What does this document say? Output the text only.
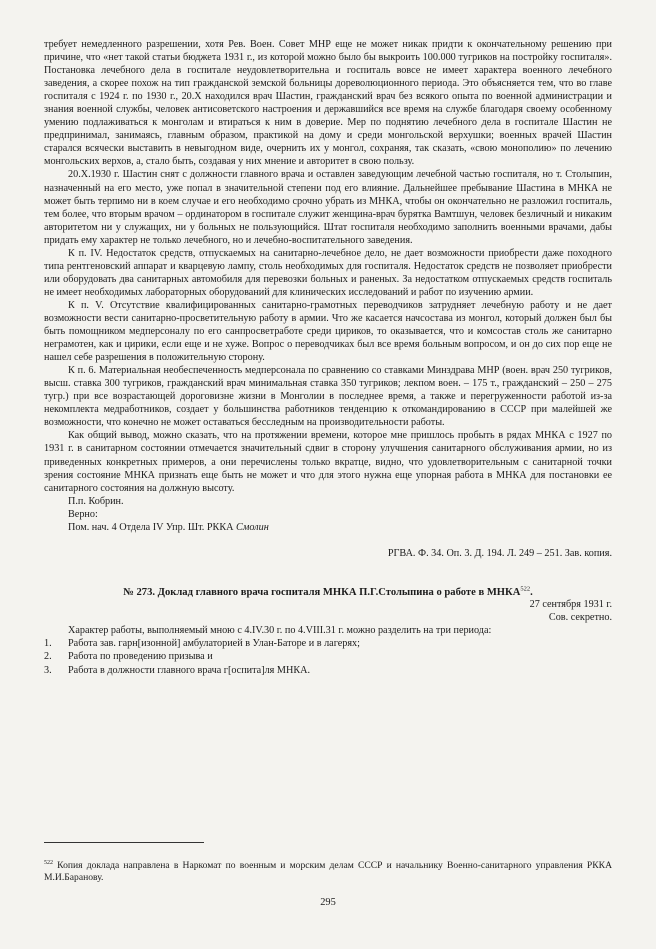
требует немедленного разрешении, хотя Рев. Воен. Совет МНР еще не может никак придти к окончательному решению при причине, что «нет такой статьи бюджета 1931 г., из которой можно было бы выкроить 100.000 тугриков на постройку госпиталя». Постановка лечебного дела в госпитале неудовлетворительна и госпиталь вовсе не имеет характера военного лечебного заведения, а скорее похож на тип гражданской земской больницы дореволюционного периода. Это объясняется тем, что во главе госпиталя с 1924 г. по 1930 г., 20.X находился врач Шастин, гражданский врач без всякого опыта по военной администрации и знания военной службы, человек антисоветского настроения и державшийся все время на службе благодаря своему особенному умению подлаживаться к монголам и втираться к ним в доверие. Мер по поднятию лечебного дела в госпитале Шастин не предпринимал, занимаясь, главным образом, практикой на дому и среди монгольской верхушки; военных врачей Шастин старался всячески выставить в невыгодном виде, очернить их у монгол, сохраняя, так сказать, «свою монополию» по лечению монгольских верхов, а, стало быть, создавая у них мнение и авторитет в свою пользу.

20.X.1930 г. Шастин снят с должности главного врача и оставлен заведующим лечебной частью госпиталя, но т. Столыпин, назначенный на его место, уже попал в значительной степени под его влияние. Дальнейшее пребывание Шастина в МНКА не может быть терпимо ни в коем случае и его необходимо срочно убрать из МНКА, чтобы он окончательно не разложил госпиталь, тем более, что вторым врачом – ординатором в госпитале служит женщина-врач бурятка Вамтшун, человек безличный и никаким авторитетом ни у служащих, ни у больных не пользующийся. Штат госпиталя необходимо заполнить военными врачами, дабы придать ему характер не только лечебного, но и лечебно-воспитательного заведения.

К п. IV. Недостаток средств, отпускаемых на санитарно-лечебное дело, не дает возможности приобрести даже походного типа рентгеновский аппарат и кварцевую лампу, столь необходимых для госпиталя. Недостаток средств не позволяет приобрести или оборудовать два санитарных автомобиля для перевозки больных и раненых. За недостатком отпускаемых средств госпиталь не имеет необходимых лабораторных оборудований для клинических исследований и работ по изучению армии.

К п. V. Отсутствие квалифицированных санитарно-грамотных переводчиков затрудняет лечебную работу и не дает возможности вести санитарно-просветительную работу в армии. Что же касается начсостава из монгол, который должен был бы быть помощником медперсоналу по его санпросветработе среди цириков, то оказывается, что и комсостав столь же санитарно неграмотен, как и цирики, если еще и не хуже. Вопрос о переводчиках был все время больным вопросом, и он до сих пор еще не нашел себе разрешения в положительную сторону.

К п. 6. Материальная необеспеченность медперсонала по сравнению со ставками Минздрава МНР (воен. врач 250 тугриков, высш. ставка 300 тугриков, гражданский врач минимальная ставка 350 тугриков; лекпом воен. – 175 т., гражданский – 250 – 275 тугр.) при все возрастающей дороговизне жизни в Монголии в последнее время, а также и перегруженности работой из-за некомплекта медработников, создает у большинства работников тенденцию к откомандированию в СССР при малейшей же возможности, что конечно не может оставаться бесследным на производительности работы.

Как общий вывод, можно сказать, что на протяжении времени, которое мне пришлось пробыть в рядах МНКА с 1927 по 1931 г. в санитарном состоянии отмечается значительный сдвиг в сторону улучшения санитарного обслуживания армии, но из приведенных конкретных примеров, а они перечислены только вкратце, видно, что удовлетворительным с санитарной точки зрения состояние МНКА признать еще быть не может и что для этого нужна еще упорная работа в МНКА для постановки ее санитарного состояния на должную высоту.

П.п. Кобрин.

Верно:

Пом. нач. 4 Отдела IV Упр. Шт. РККА Смолин

РГВА. Ф. 34. Оп. 3. Д. 194. Л. 249 – 251. Зав. копия.

№ 273. Доклад главного врача госпиталя МНКА П.Г.Столыпина о работе в МНКА$^{522}$.

27 сентября 1931 г.

Сов. секретно.

Характер работы, выполняемый мною с 4.IV.30 г. по 4.VIII.31 г. можно разделить на три периода:

1.	Работа зав. гарн[изонной] амбулаторией в Улан-Баторе и в лагерях;
2.	Работа по проведению призыва и
3.	Работа в должности главного врача г[оспита]ля МНКА.

$^{522}$ Копия доклада направлена в Наркомат по военным и морским делам СССР и начальнику Военно-санитарного управления РККА М.И.Баранову.

295
